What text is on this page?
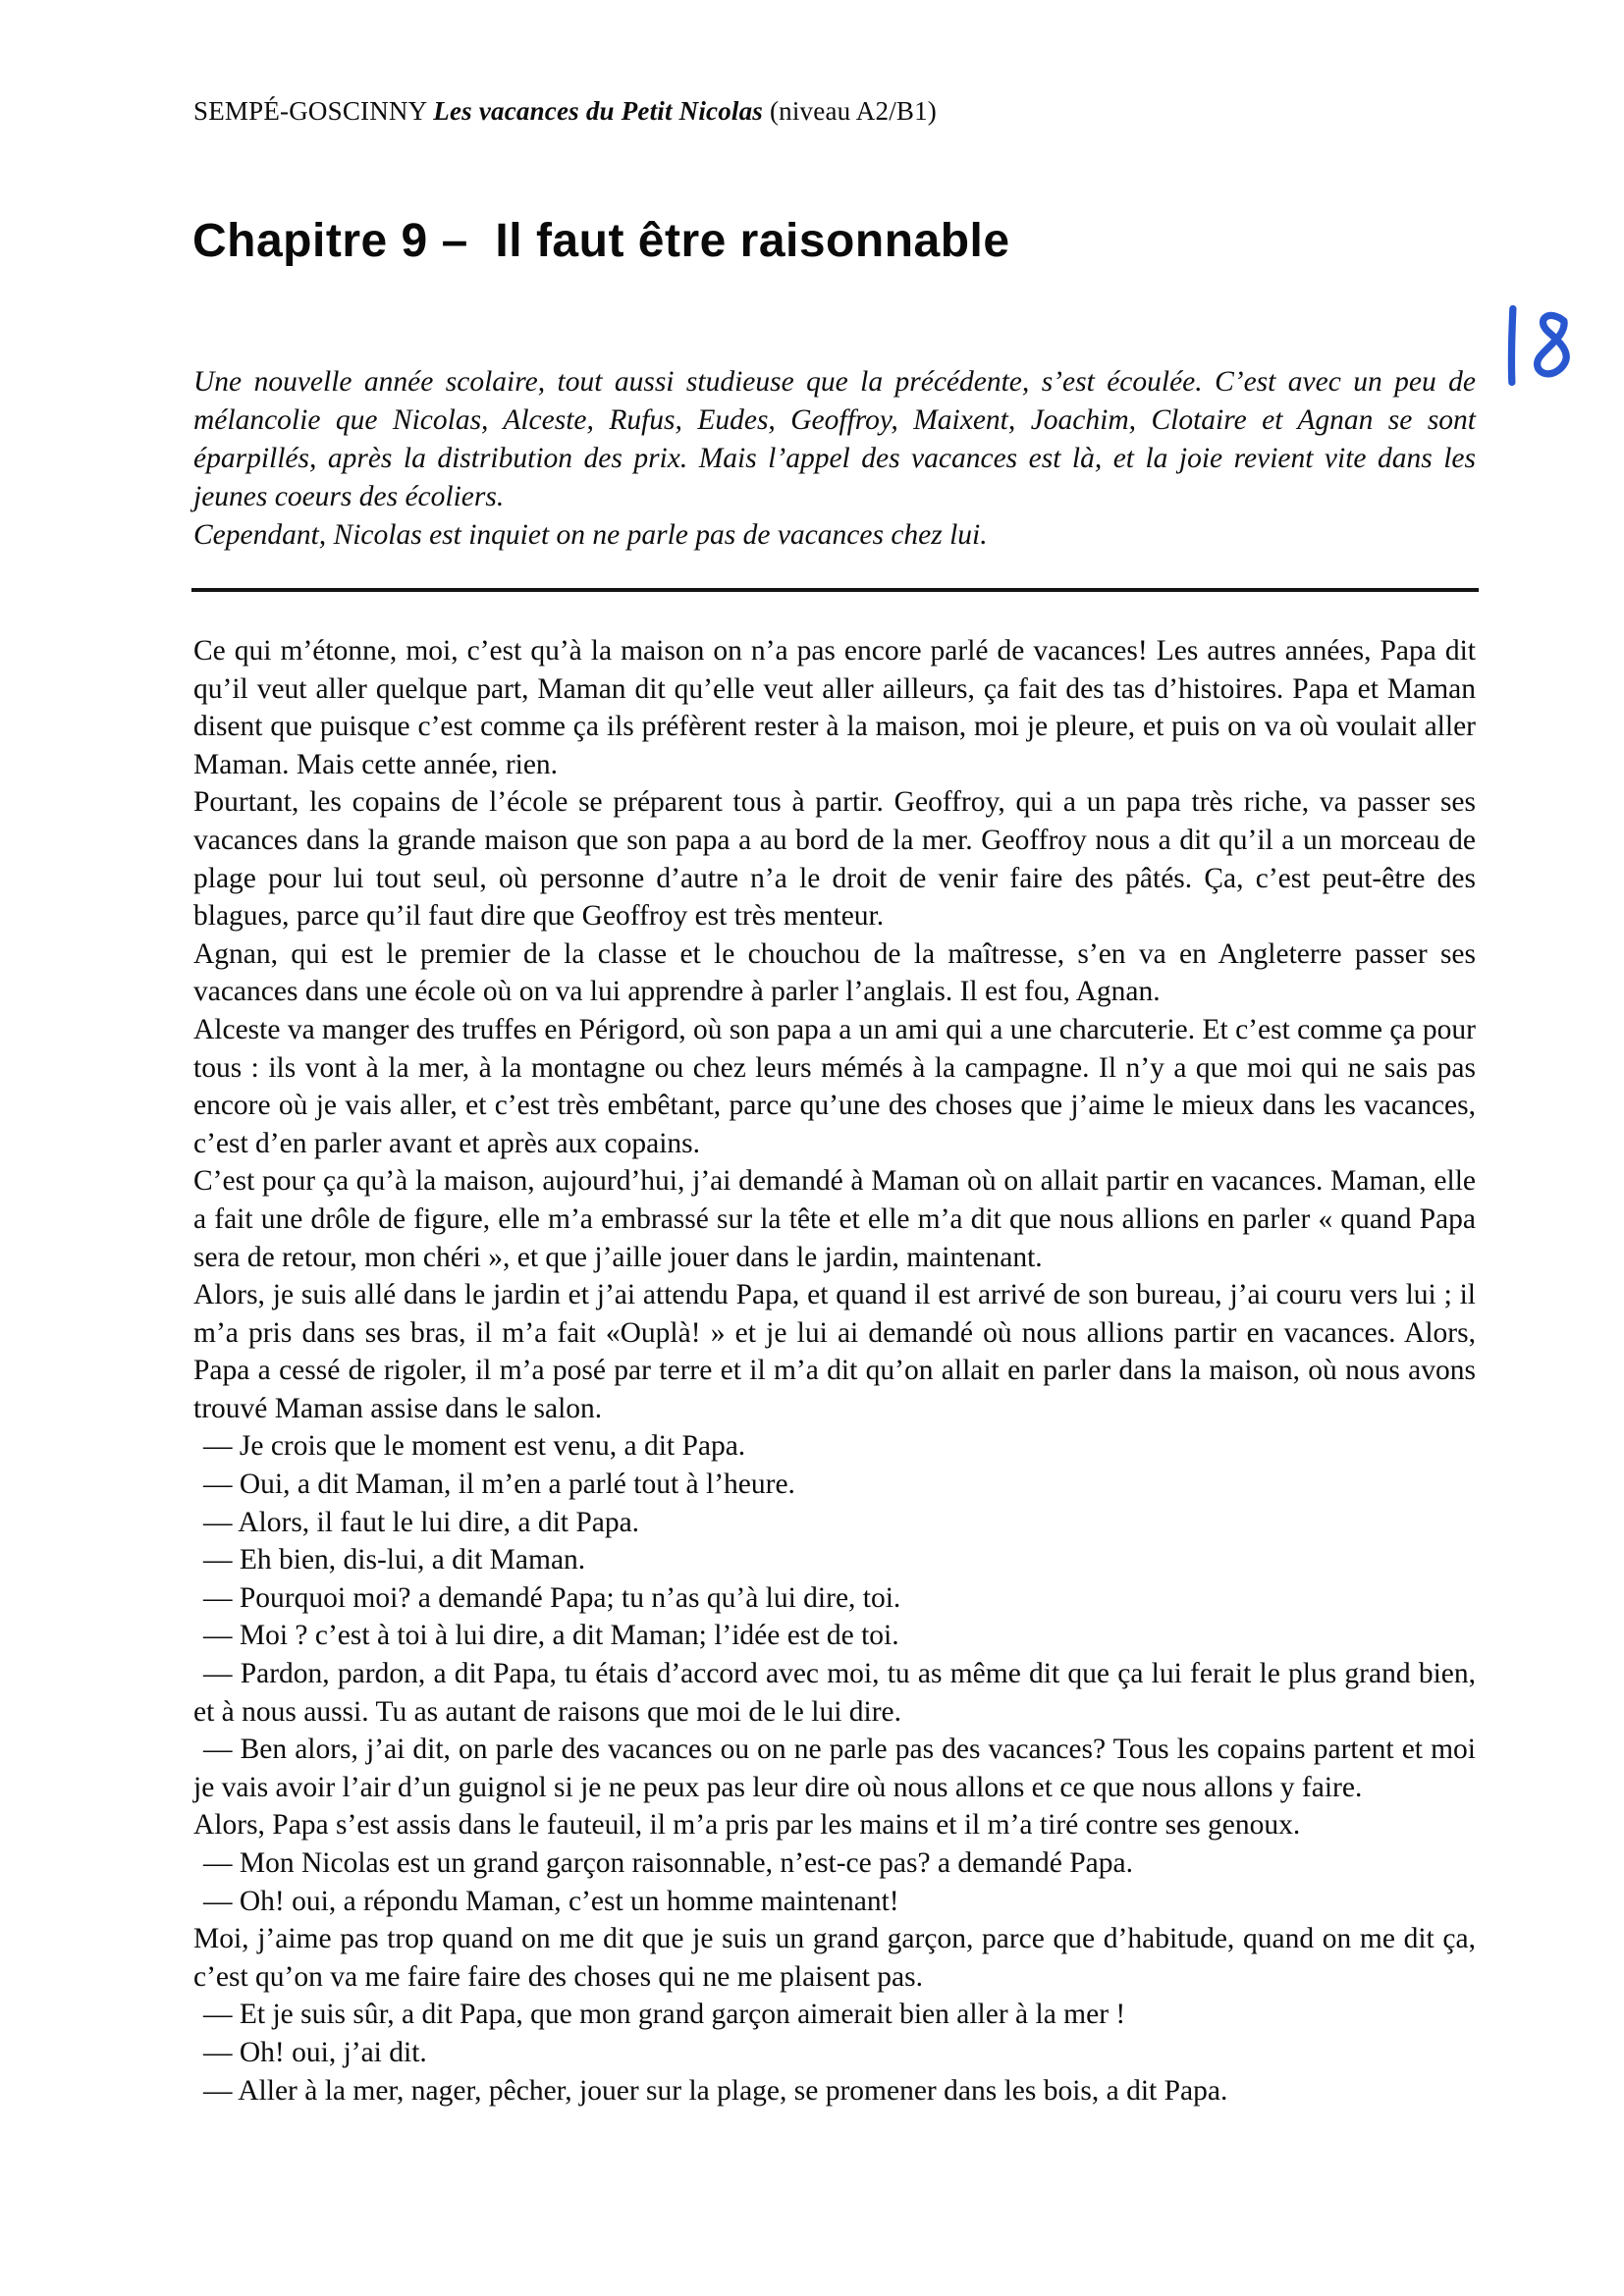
SEMPÉ-GOSCINNY Les vacances du Petit Nicolas (niveau A2/B1)
Chapitre 9 –  Il faut être raisonnable

Une nouvelle année scolaire, tout aussi studieuse que la précédente, s’est écoulée. C’est avec un peu de mélancolie que Nicolas, Alceste, Rufus, Eudes, Geoffroy, Maixent, Joachim, Clotaire et Agnan se sont éparpillés, après la distribution des prix. Mais l’appel des vacances est là, et la joie revient vite dans les jeunes coeurs des écoliers.

Cependant, Nicolas est inquiet on ne parle pas de vacances chez lui.

Ce qui m’étonne, moi, c’est qu’à la maison on n’a pas encore parlé de vacances! Les autres années, Papa dit qu’il veut aller quelque part, Maman dit qu’elle veut aller ailleurs, ça fait des tas d’histoires. Papa et Maman disent que puisque c’est comme ça ils préfèrent rester à la maison, moi je pleure, et puis on va où voulait aller Maman. Mais cette année, rien.

Pourtant, les copains de l’école se préparent tous à partir. Geoffroy, qui a un papa très riche, va passer ses vacances dans la grande maison que son papa a au bord de la mer. Geoffroy nous a dit qu’il a un morceau de plage pour lui tout seul, où personne d’autre n’a le droit de venir faire des pâtés. Ça, c’est peut-être des blagues, parce qu’il faut dire que Geoffroy est très menteur.

Agnan, qui est le premier de la classe et le chouchou de la maîtresse, s’en va en Angleterre passer ses vacances dans une école où on va lui apprendre à parler l’anglais. Il est fou, Agnan.

Alceste va manger des truffes en Périgord, où son papa a un ami qui a une charcuterie. Et c’est comme ça pour tous : ils vont à la mer, à la montagne ou chez leurs mémés à la campagne. Il n’y a que moi qui ne sais pas encore où je vais aller, et c’est très embêtant, parce qu’une des choses que j’aime le mieux dans les vacances, c’est d’en parler avant et après aux copains.

C’est pour ça qu’à la maison, aujourd’hui, j’ai demandé à Maman où on allait partir en vacances. Maman, elle a fait une drôle de figure, elle m’a embrassé sur la tête et elle m’a dit que nous allions en parler « quand Papa sera de retour, mon chéri », et que j’aille jouer dans le jardin, maintenant.

Alors, je suis allé dans le jardin et j’ai attendu Papa, et quand il est arrivé de son bureau, j’ai couru vers lui ; il m’a pris dans ses bras, il m’a fait «Ouplà! » et je lui ai demandé où nous allions partir en vacances. Alors, Papa a cessé de rigoler, il m’a posé par terre et il m’a dit qu’on allait en parler dans la maison, où nous avons trouvé Maman assise dans le salon.

— Je crois que le moment est venu, a dit Papa.

— Oui, a dit Maman, il m’en a parlé tout à l’heure.

— Alors, il faut le lui dire, a dit Papa.

— Eh bien, dis-lui, a dit Maman.

— Pourquoi moi? a demandé Papa; tu n’as qu’à lui dire, toi.

— Moi ? c’est à toi à lui dire, a dit Maman; l’idée est de toi.

— Pardon, pardon, a dit Papa, tu étais d’accord avec moi, tu as même dit que ça lui ferait le plus grand bien, et à nous aussi. Tu as autant de raisons que moi de le lui dire.

— Ben alors, j’ai dit, on parle des vacances ou on ne parle pas des vacances? Tous les copains partent et moi je vais avoir l’air d’un guignol si je ne peux pas leur dire où nous allons et ce que nous allons y faire.

Alors, Papa s’est assis dans le fauteuil, il m’a pris par les mains et il m’a tiré contre ses genoux.

— Mon Nicolas est un grand garçon raisonnable, n’est-ce pas? a demandé Papa.

— Oh! oui, a répondu Maman, c’est un homme maintenant!

Moi, j’aime pas trop quand on me dit que je suis un grand garçon, parce que d’habitude, quand on me dit ça, c’est qu’on va me faire faire des choses qui ne me plaisent pas.

— Et je suis sûr, a dit Papa, que mon grand garçon aimerait bien aller à la mer !

— Oh! oui, j’ai dit.

— Aller à la mer, nager, pêcher, jouer sur la plage, se promener dans les bois, a dit Papa.
